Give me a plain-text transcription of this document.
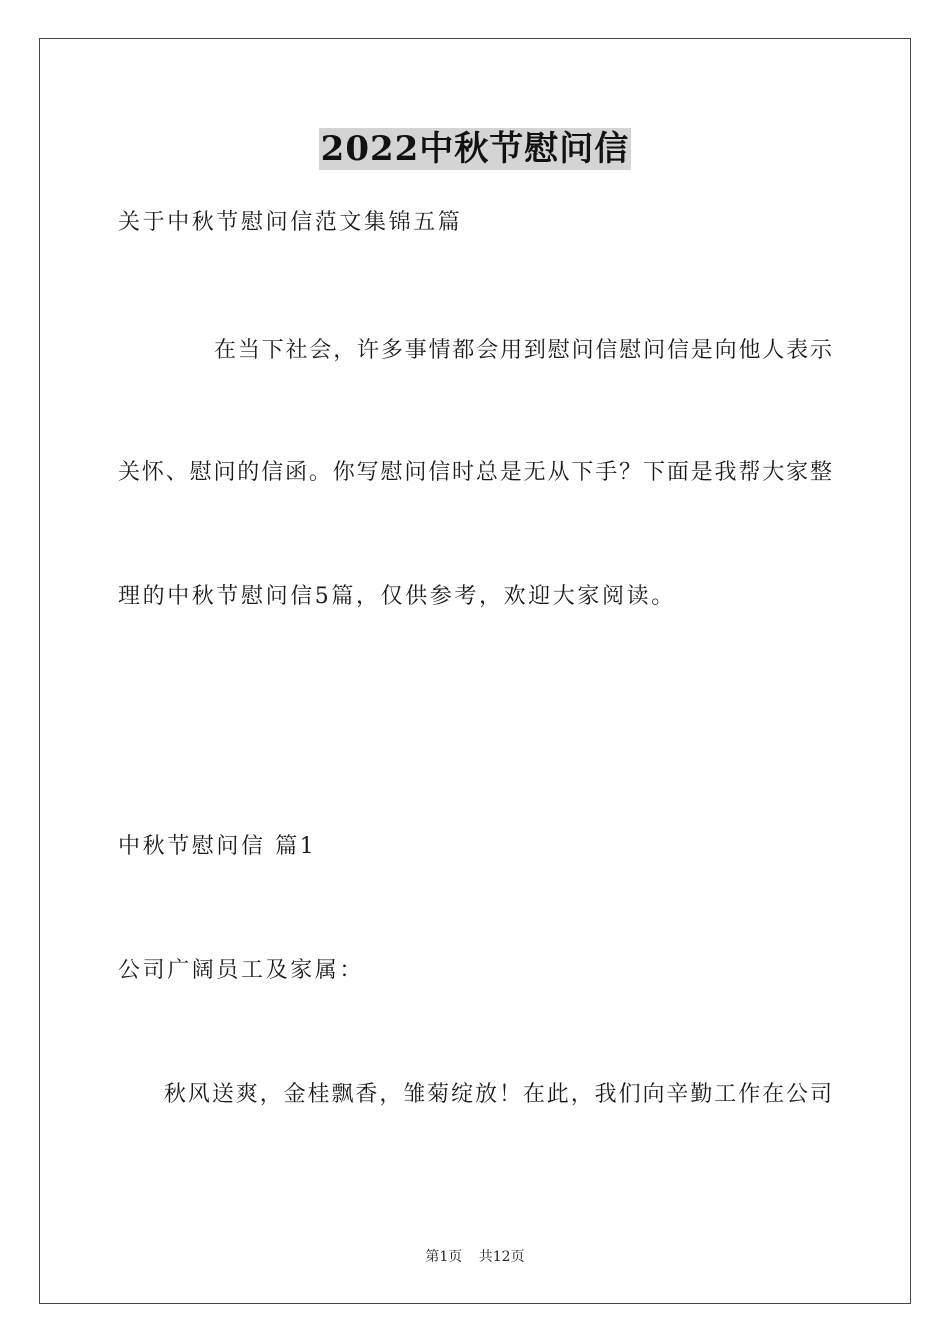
2022中秋节慰问信
关于中秋节慰问信范文集锦五篇
在当下社会，许多事情都会用到慰问信慰问信是向他人表示
关怀、慰问的信函。你写慰问信时总是无从下手？下面是我帮大家整
理的中秋节慰问信5篇，仅供参考，欢迎大家阅读。
中秋节慰问信 篇1
公司广阔员工及家属：
秋风送爽，金桂飘香，雏菊绽放！在此，我们向辛勤工作在公司
第1页 共12页
